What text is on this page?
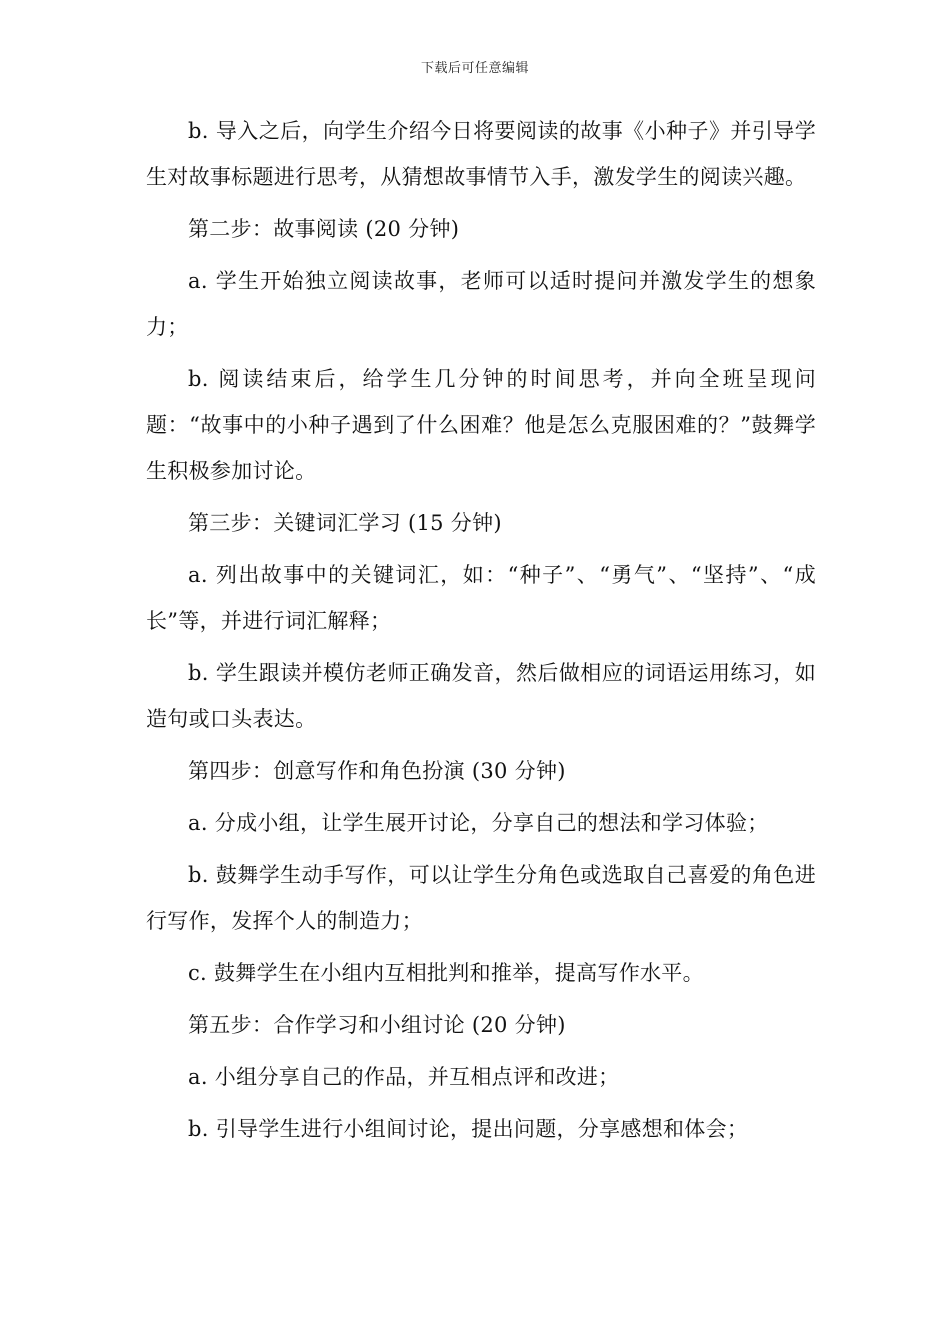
下载后可任意编辑

b. 导入之后，向学生介绍今日将要阅读的故事《小种子》并引导学生对故事标题进行思考，从猜想故事情节入手，激发学生的阅读兴趣。

第二步：故事阅读 (20 分钟)

a. 学生开始独立阅读故事，老师可以适时提问并激发学生的想象力；

b. 阅读结束后，给学生几分钟的时间思考，并向全班呈现问题：“故事中的小种子遇到了什么困难？他是怎么克服困难的？”鼓舞学生积极参加讨论。

第三步：关键词汇学习 (15 分钟)

a. 列出故事中的关键词汇，如：“种子”、“勇气”、“坚持”、“成长”等，并进行词汇解释；

b. 学生跟读并模仿老师正确发音，然后做相应的词语运用练习，如造句或口头表达。

第四步：创意写作和角色扮演 (30 分钟)

a. 分成小组，让学生展开讨论，分享自己的想法和学习体验；

b. 鼓舞学生动手写作，可以让学生分角色或选取自己喜爱的角色进行写作，发挥个人的制造力；

c. 鼓舞学生在小组内互相批判和推举，提高写作水平。

第五步：合作学习和小组讨论 (20 分钟)

a. 小组分享自己的作品，并互相点评和改进；

b. 引导学生进行小组间讨论，提出问题，分享感想和体会；
